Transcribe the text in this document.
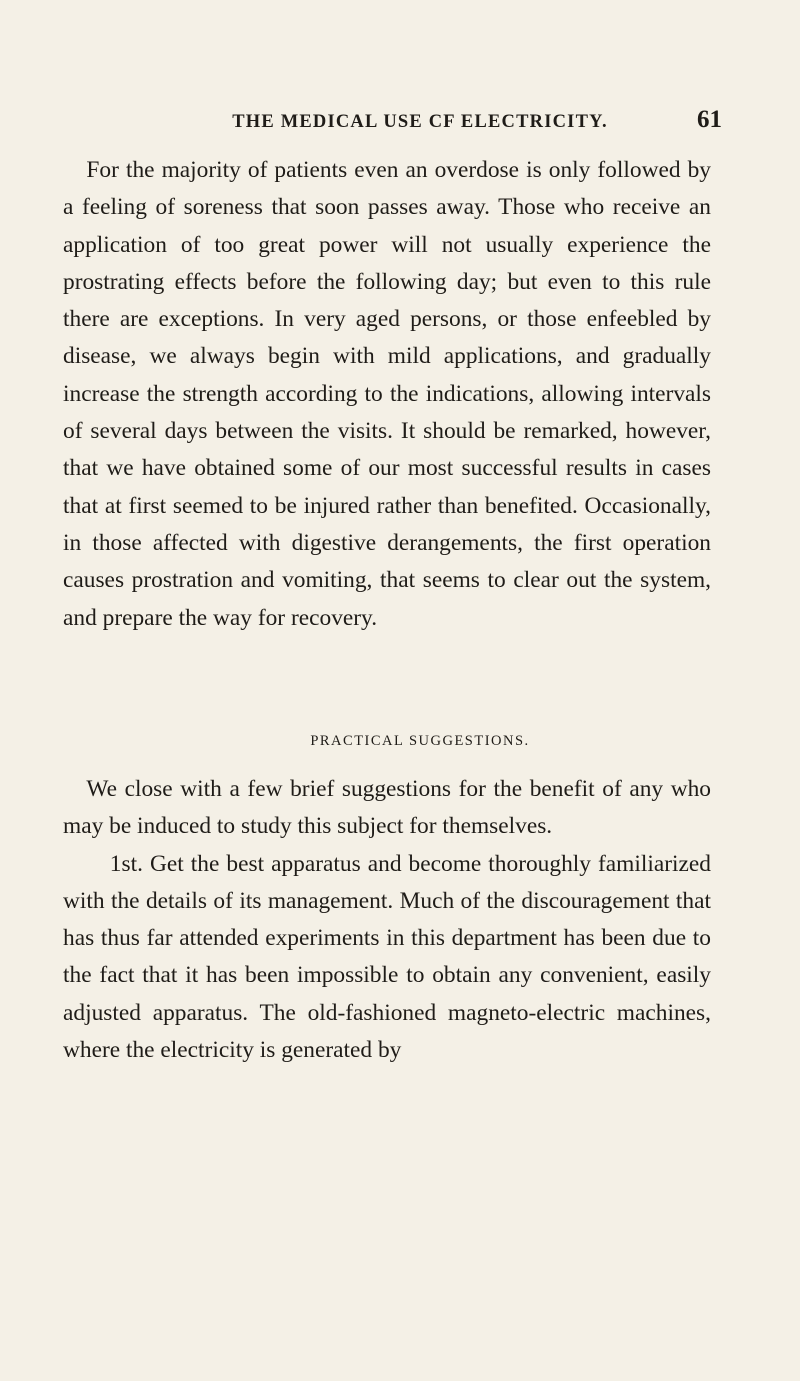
THE MEDICAL USE CF ELECTRICITY.	61

For the majority of patients even an overdose is only followed by a feeling of soreness that soon passes away. Those who receive an application of too great power will not usually experience the prostrating effects before the following day; but even to this rule there are exceptions. In very aged persons, or those enfeebled by disease, we always begin with mild applications, and gradually increase the strength according to the indications, allowing intervals of several days between the visits. It should be remarked, however, that we have obtained some of our most successful results in cases that at first seemed to be injured rather than benefited. Occasionally, in those affected with digestive derangements, the first operation causes prostration and vomiting, that seems to clear out the system, and prepare the way for recovery.

PRACTICAL SUGGESTIONS.

We close with a few brief suggestions for the benefit of any who may be induced to study this subject for themselves.

1st. Get the best apparatus and become thoroughly familiarized with the details of its management. Much of the discouragement that has thus far attended experiments in this department has been due to the fact that it has been impossible to obtain any convenient, easily adjusted apparatus. The old-fashioned magneto-electric machines, where the electricity is generated by
